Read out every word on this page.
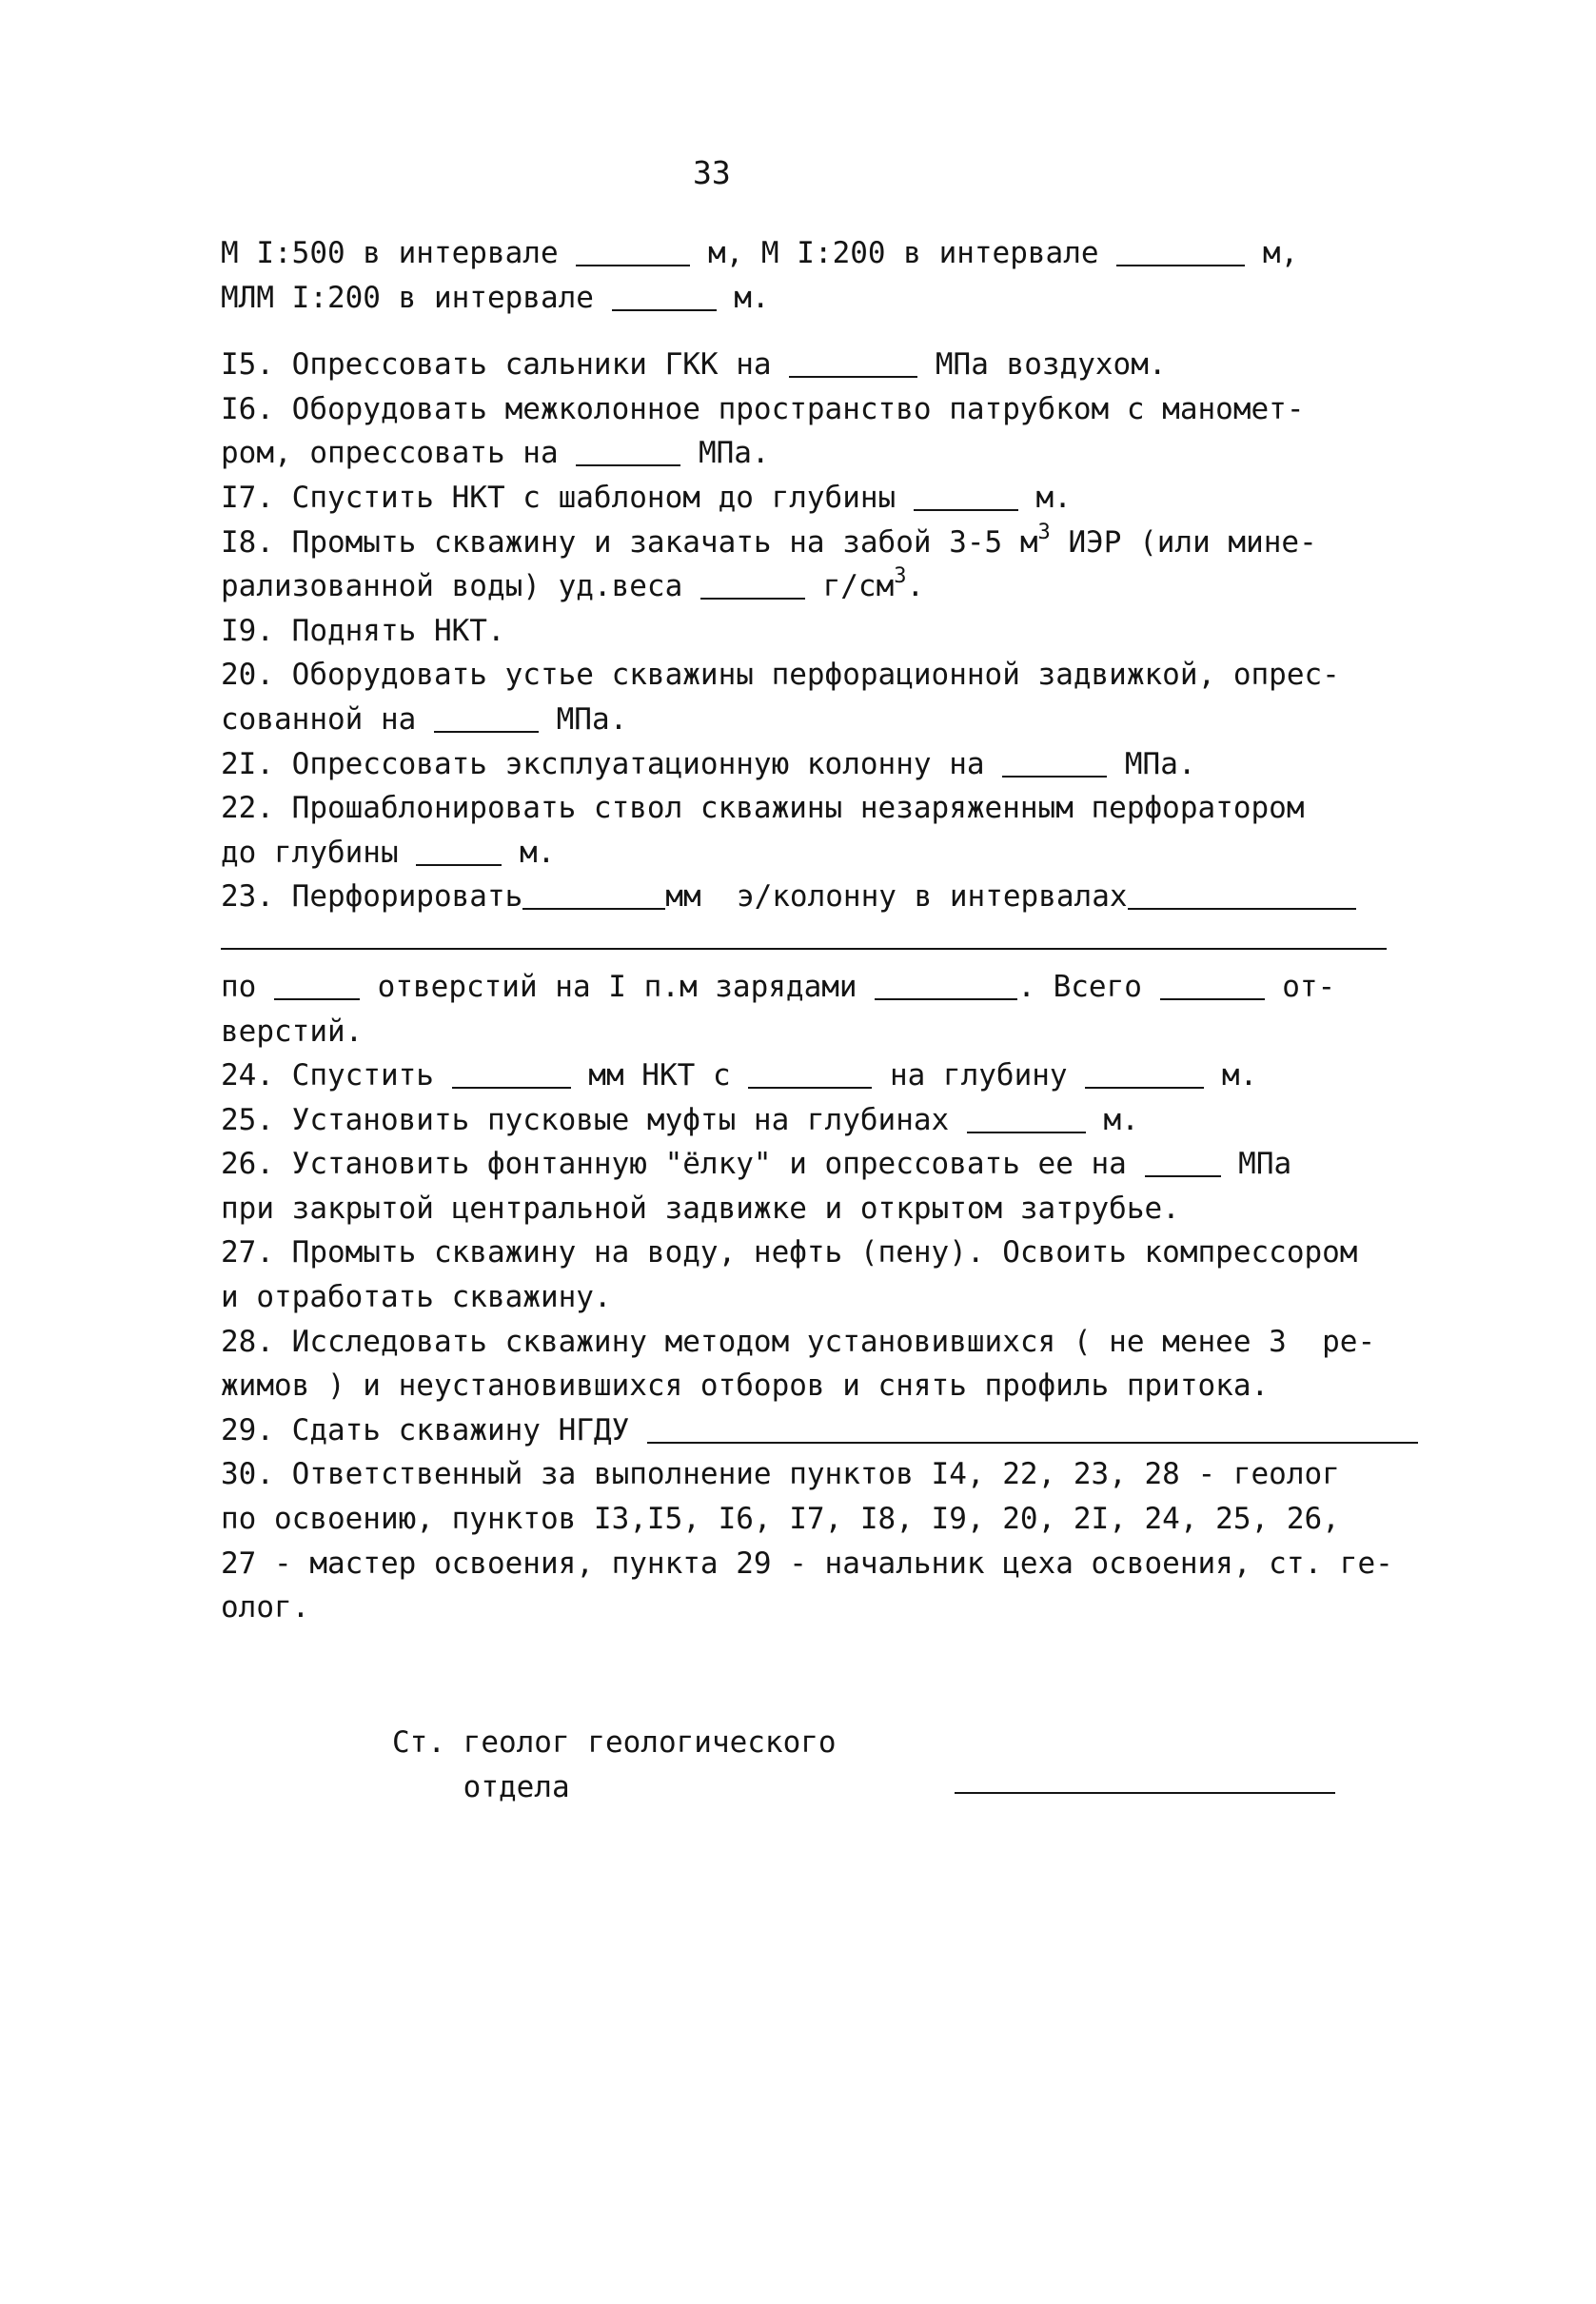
33
М I:500 в интервале	м, М I:200 в интервале	м,
МЛМ I:200 в интервале	м.
I5. Опрессовать сальники ГКК на	МПа воздухом.
I6. Оборудовать межколонное пространство патрубком с маномет-
ром, опрессовать на	МПа.
I7. Спустить НКТ с шаблоном до глубины	м.
I8. Промыть скважину и закачать на забой 3-5 $м^3$ ИЭР (или мине-
рализованной воды) уд.веса	$г/см^3$.
I9. Поднять НКТ.
20. Оборудовать устье скважины перфорационной задвижкой, опрес-
сованной на	МПа.
2I. Опрессовать эксплуатационную колонну на	МПа.
22. Прошаблонировать ствол скважины незаряженным перфоратором
до глубины	м.
23. Перфорировать	мм  э/колонну в интервалах
по	отверстий на I п.м зарядами	. Всего	от-
верстий.
24. Спустить	мм НКТ с	на глубину	м.
25. Установить пусковые муфты на глубинах	м.
26. Установить фонтанную "ёлку" и опрессовать ее на	МПа
при закрытой центральной задвижке и открытом затрубье.
27. Промыть скважину на воду, нефть (пену). Освоить компрессором
и отработать скважину.
28. Исследовать скважину методом установившихся ( не менее 3  ре-
жимов ) и неустановившихся отборов и снять профиль притока.
29. Сдать скважину НГДУ
30. Ответственный за выполнение пунктов I4, 22, 23, 28 - геолог
по освоению, пунктов I3,I5, I6, I7, I8, I9, 20, 2I, 24, 25, 26,
27 - мастер освоения, пункта 29 - начальник цеха освоения, ст. ге-
олог.
Ст. геолог геологического
отдела
